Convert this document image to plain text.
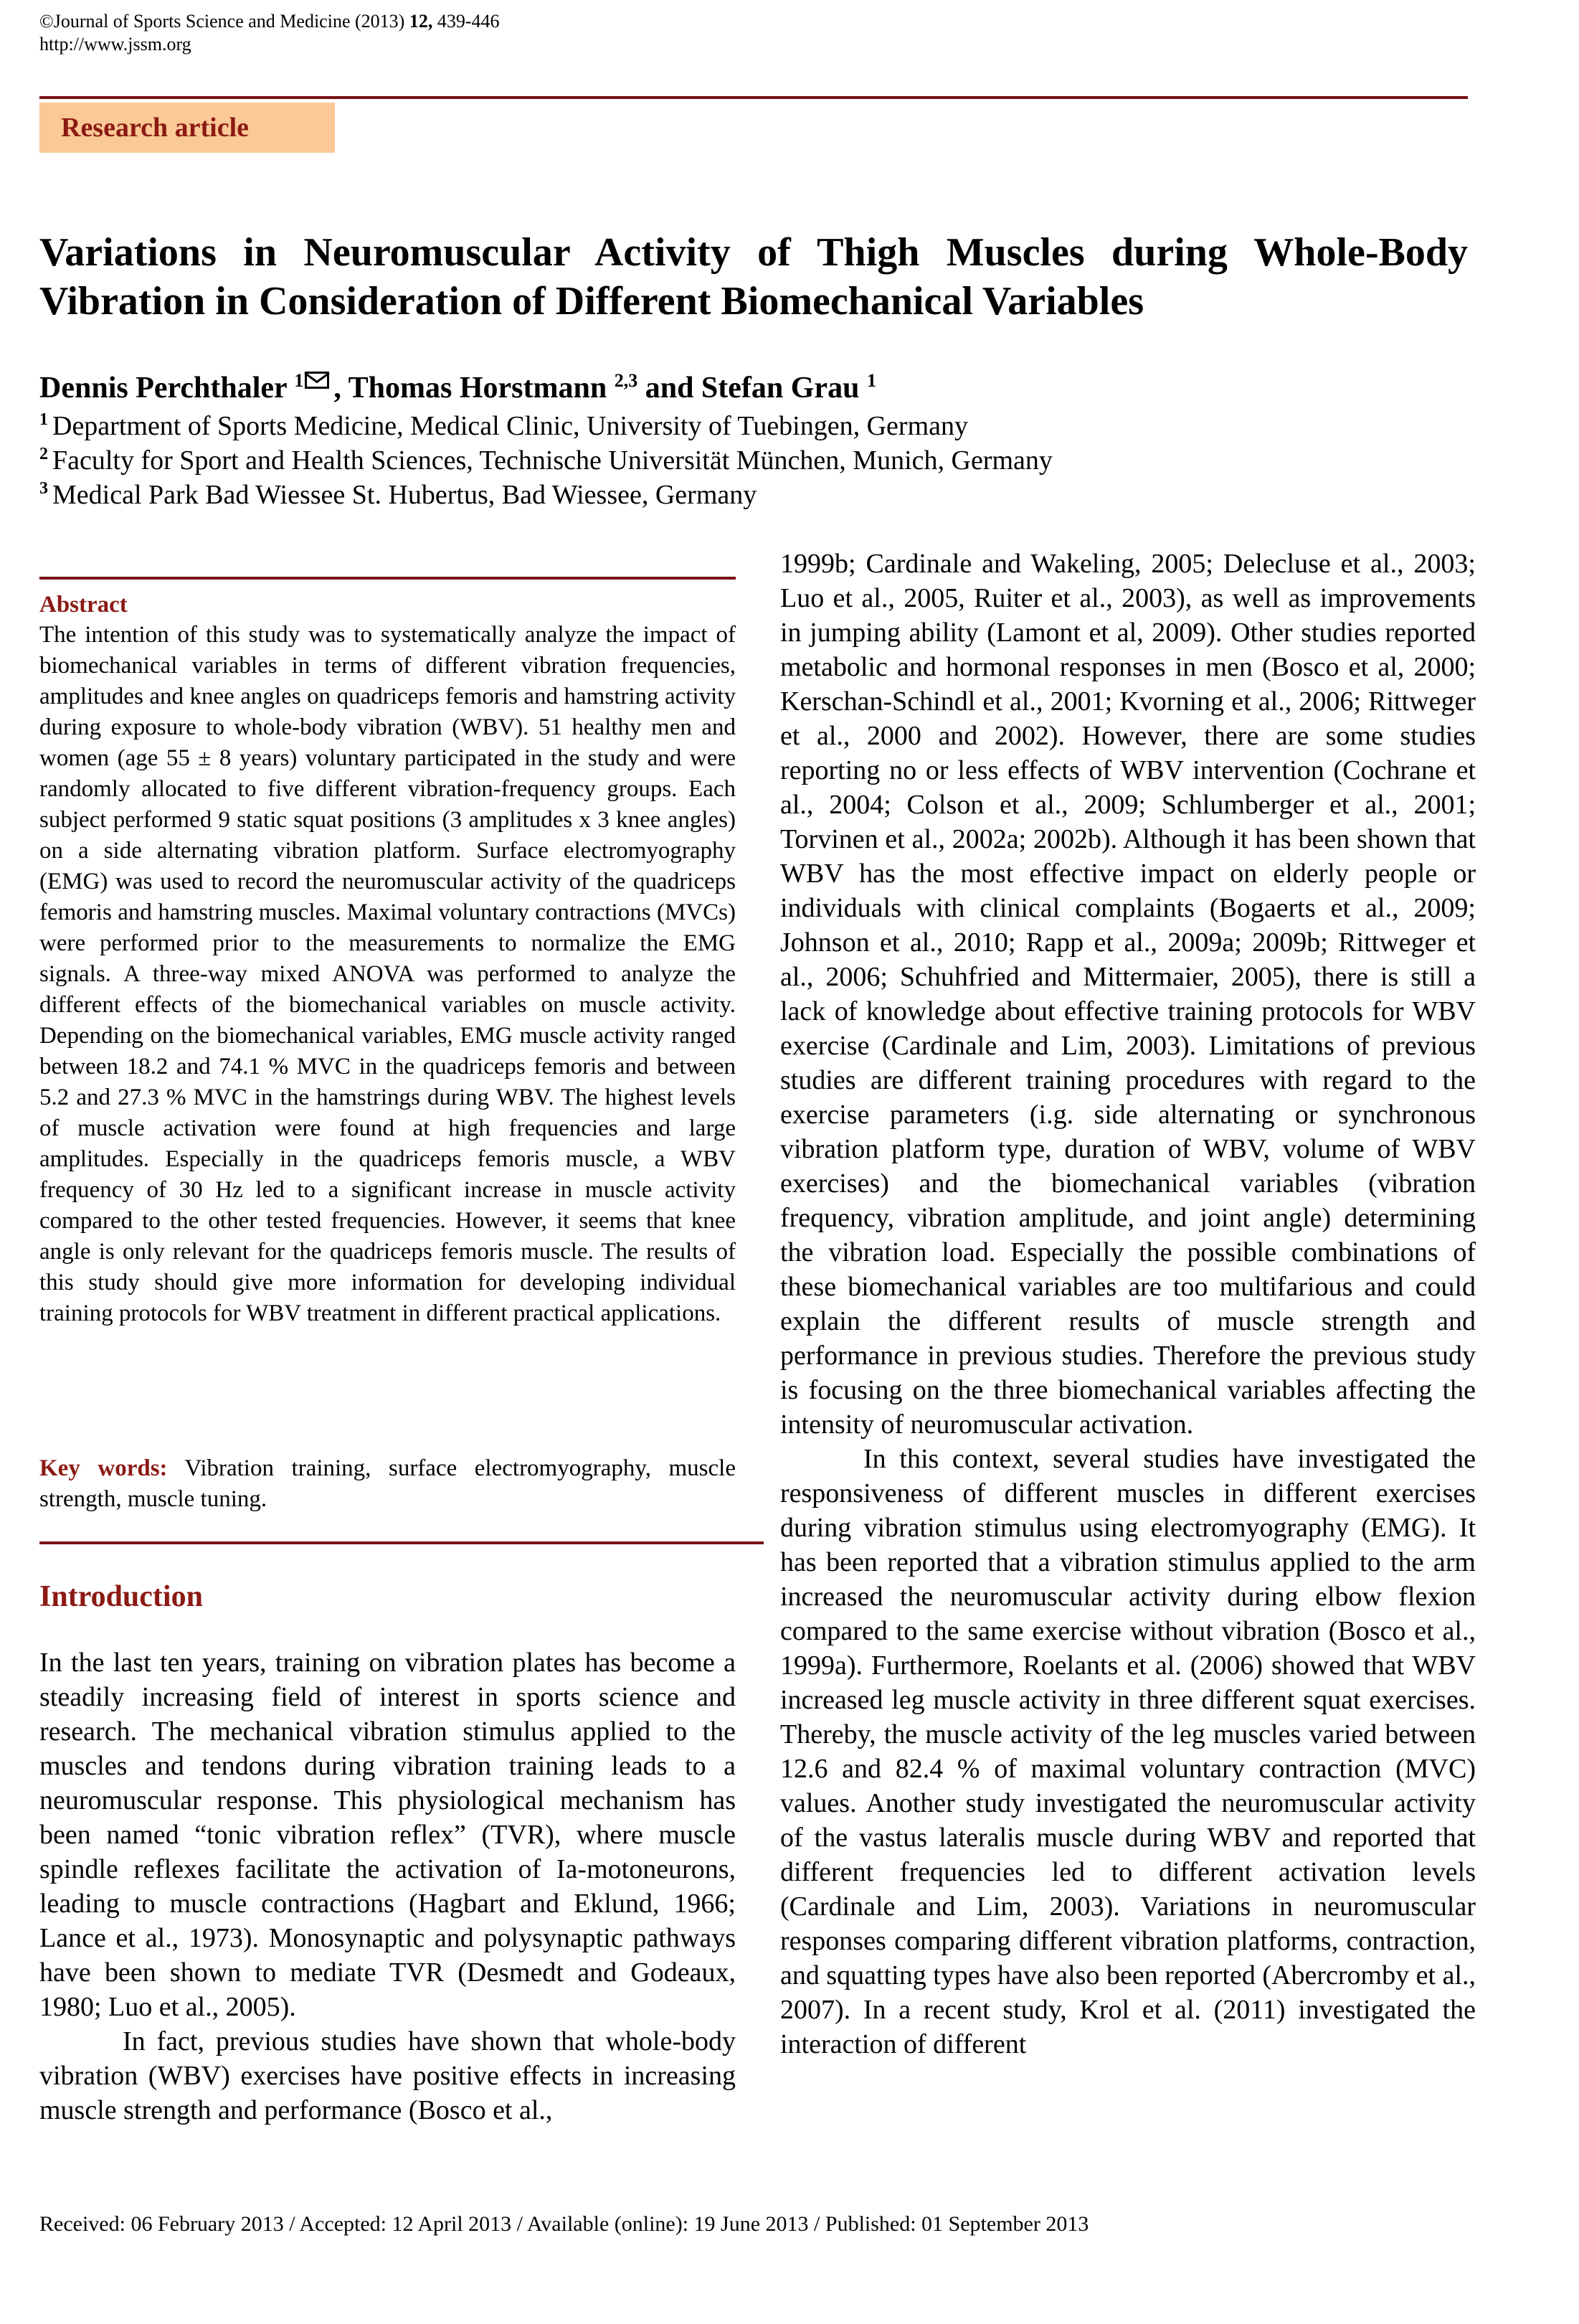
©Journal of Sports Science and Medicine (2013) 12, 439-446
http://www.jssm.org
Research article
Variations in Neuromuscular Activity of Thigh Muscles during Whole-Body Vibration in Consideration of Different Biomechanical Variables
Dennis Perchthaler $^1$ , Thomas Horstmann $^{2,3}$ and Stefan Grau $^1$
$^1$ Department of Sports Medicine, Medical Clinic, University of Tuebingen, Germany
$^2$ Faculty for Sport and Health Sciences, Technische Universität München, Munich, Germany
$^3$ Medical Park Bad Wiessee St. Hubertus, Bad Wiessee, Germany
Abstract
The intention of this study was to systematically analyze the impact of biomechanical variables in terms of different vibration frequencies, amplitudes and knee angles on quadriceps femoris and hamstring activity during exposure to whole-body vibration (WBV). 51 healthy men and women (age 55 ± 8 years) voluntary participated in the study and were randomly allocated to five different vibration-frequency groups. Each subject performed 9 static squat positions (3 amplitudes x 3 knee angles) on a side alternating vibration platform. Surface electromyography (EMG) was used to record the neuromuscular activity of the quadriceps femoris and hamstring muscles. Maximal voluntary contractions (MVCs) were performed prior to the measurements to normalize the EMG signals. A three-way mixed ANOVA was performed to analyze the different effects of the biomechanical variables on muscle activity. Depending on the biomechanical variables, EMG muscle activity ranged between 18.2 and 74.1 % MVC in the quadriceps femoris and between 5.2 and 27.3 % MVC in the hamstrings during WBV. The highest levels of muscle activation were found at high frequencies and large amplitudes. Especially in the quadriceps femoris muscle, a WBV frequency of 30 Hz led to a significant increase in muscle activity compared to the other tested frequencies. However, it seems that knee angle is only relevant for the quadriceps femoris muscle. The results of this study should give more information for developing individual training protocols for WBV treatment in different practical applications.
Key words: Vibration training, surface electromyography, muscle strength, muscle tuning.
Introduction

In the last ten years, training on vibration plates has become a steadily increasing field of interest in sports science and research. The mechanical vibration stimulus applied to the muscles and tendons during vibration training leads to a neuromuscular response. This physiological mechanism has been named “tonic vibration reflex” (TVR), where muscle spindle reflexes facilitate the activation of Ia-motoneurons, leading to muscle contractions (Hagbart and Eklund, 1966; Lance et al., 1973). Monosynaptic and polysynaptic pathways have been shown to mediate TVR (Desmedt and Godeaux, 1980; Luo et al., 2005).

In fact, previous studies have shown that whole-body vibration (WBV) exercises have positive effects in increasing muscle strength and performance (Bosco et al.,

1999b; Cardinale and Wakeling, 2005; Delecluse et al., 2003; Luo et al., 2005, Ruiter et al., 2003), as well as improvements in jumping ability (Lamont et al, 2009). Other studies reported metabolic and hormonal responses in men (Bosco et al, 2000; Kerschan-Schindl et al., 2001; Kvorning et al., 2006; Rittweger et al., 2000 and 2002). However, there are some studies reporting no or less effects of WBV intervention (Cochrane et al., 2004; Colson et al., 2009; Schlumberger et al., 2001; Torvinen et al., 2002a; 2002b). Although it has been shown that WBV has the most effective impact on elderly people or individuals with clinical complaints (Bogaerts et al., 2009; Johnson et al., 2010; Rapp et al., 2009a; 2009b; Rittweger et al., 2006; Schuhfried and Mittermaier, 2005), there is still a lack of knowledge about effective training protocols for WBV exercise (Cardinale and Lim, 2003). Limitations of previous studies are different training procedures with regard to the exercise parameters (i.g. side alternating or synchronous vibration platform type, duration of WBV, volume of WBV exercises) and the biomechanical variables (vibration frequency, vibration amplitude, and joint angle) determining the vibration load. Especially the possible combinations of these biomechanical variables are too multifarious and could explain the different results of muscle strength and performance in previous studies. Therefore the previous study is focusing on the three biomechanical variables affecting the intensity of neuromuscular activation.

In this context, several studies have investigated the responsiveness of different muscles in different exercises during vibration stimulus using electromyography (EMG). It has been reported that a vibration stimulus applied to the arm increased the neuromuscular activity during elbow flexion compared to the same exercise without vibration (Bosco et al., 1999a). Furthermore, Roelants et al. (2006) showed that WBV increased leg muscle activity in three different squat exercises. Thereby, the muscle activity of the leg muscles varied between 12.6 and 82.4 % of maximal voluntary contraction (MVC) values. Another study investigated the neuromuscular activity of the vastus lateralis muscle during WBV and reported that different frequencies led to different activation levels (Cardinale and Lim, 2003). Variations in neuromuscular responses comparing different vibration platforms, contraction, and squatting types have also been reported (Abercromby et al., 2007). In a recent study, Krol et al. (2011) investigated the interaction of different

Received: 06 February 2013 / Accepted: 12 April 2013 / Available (online): 19 June 2013 / Published: 01 September 2013
